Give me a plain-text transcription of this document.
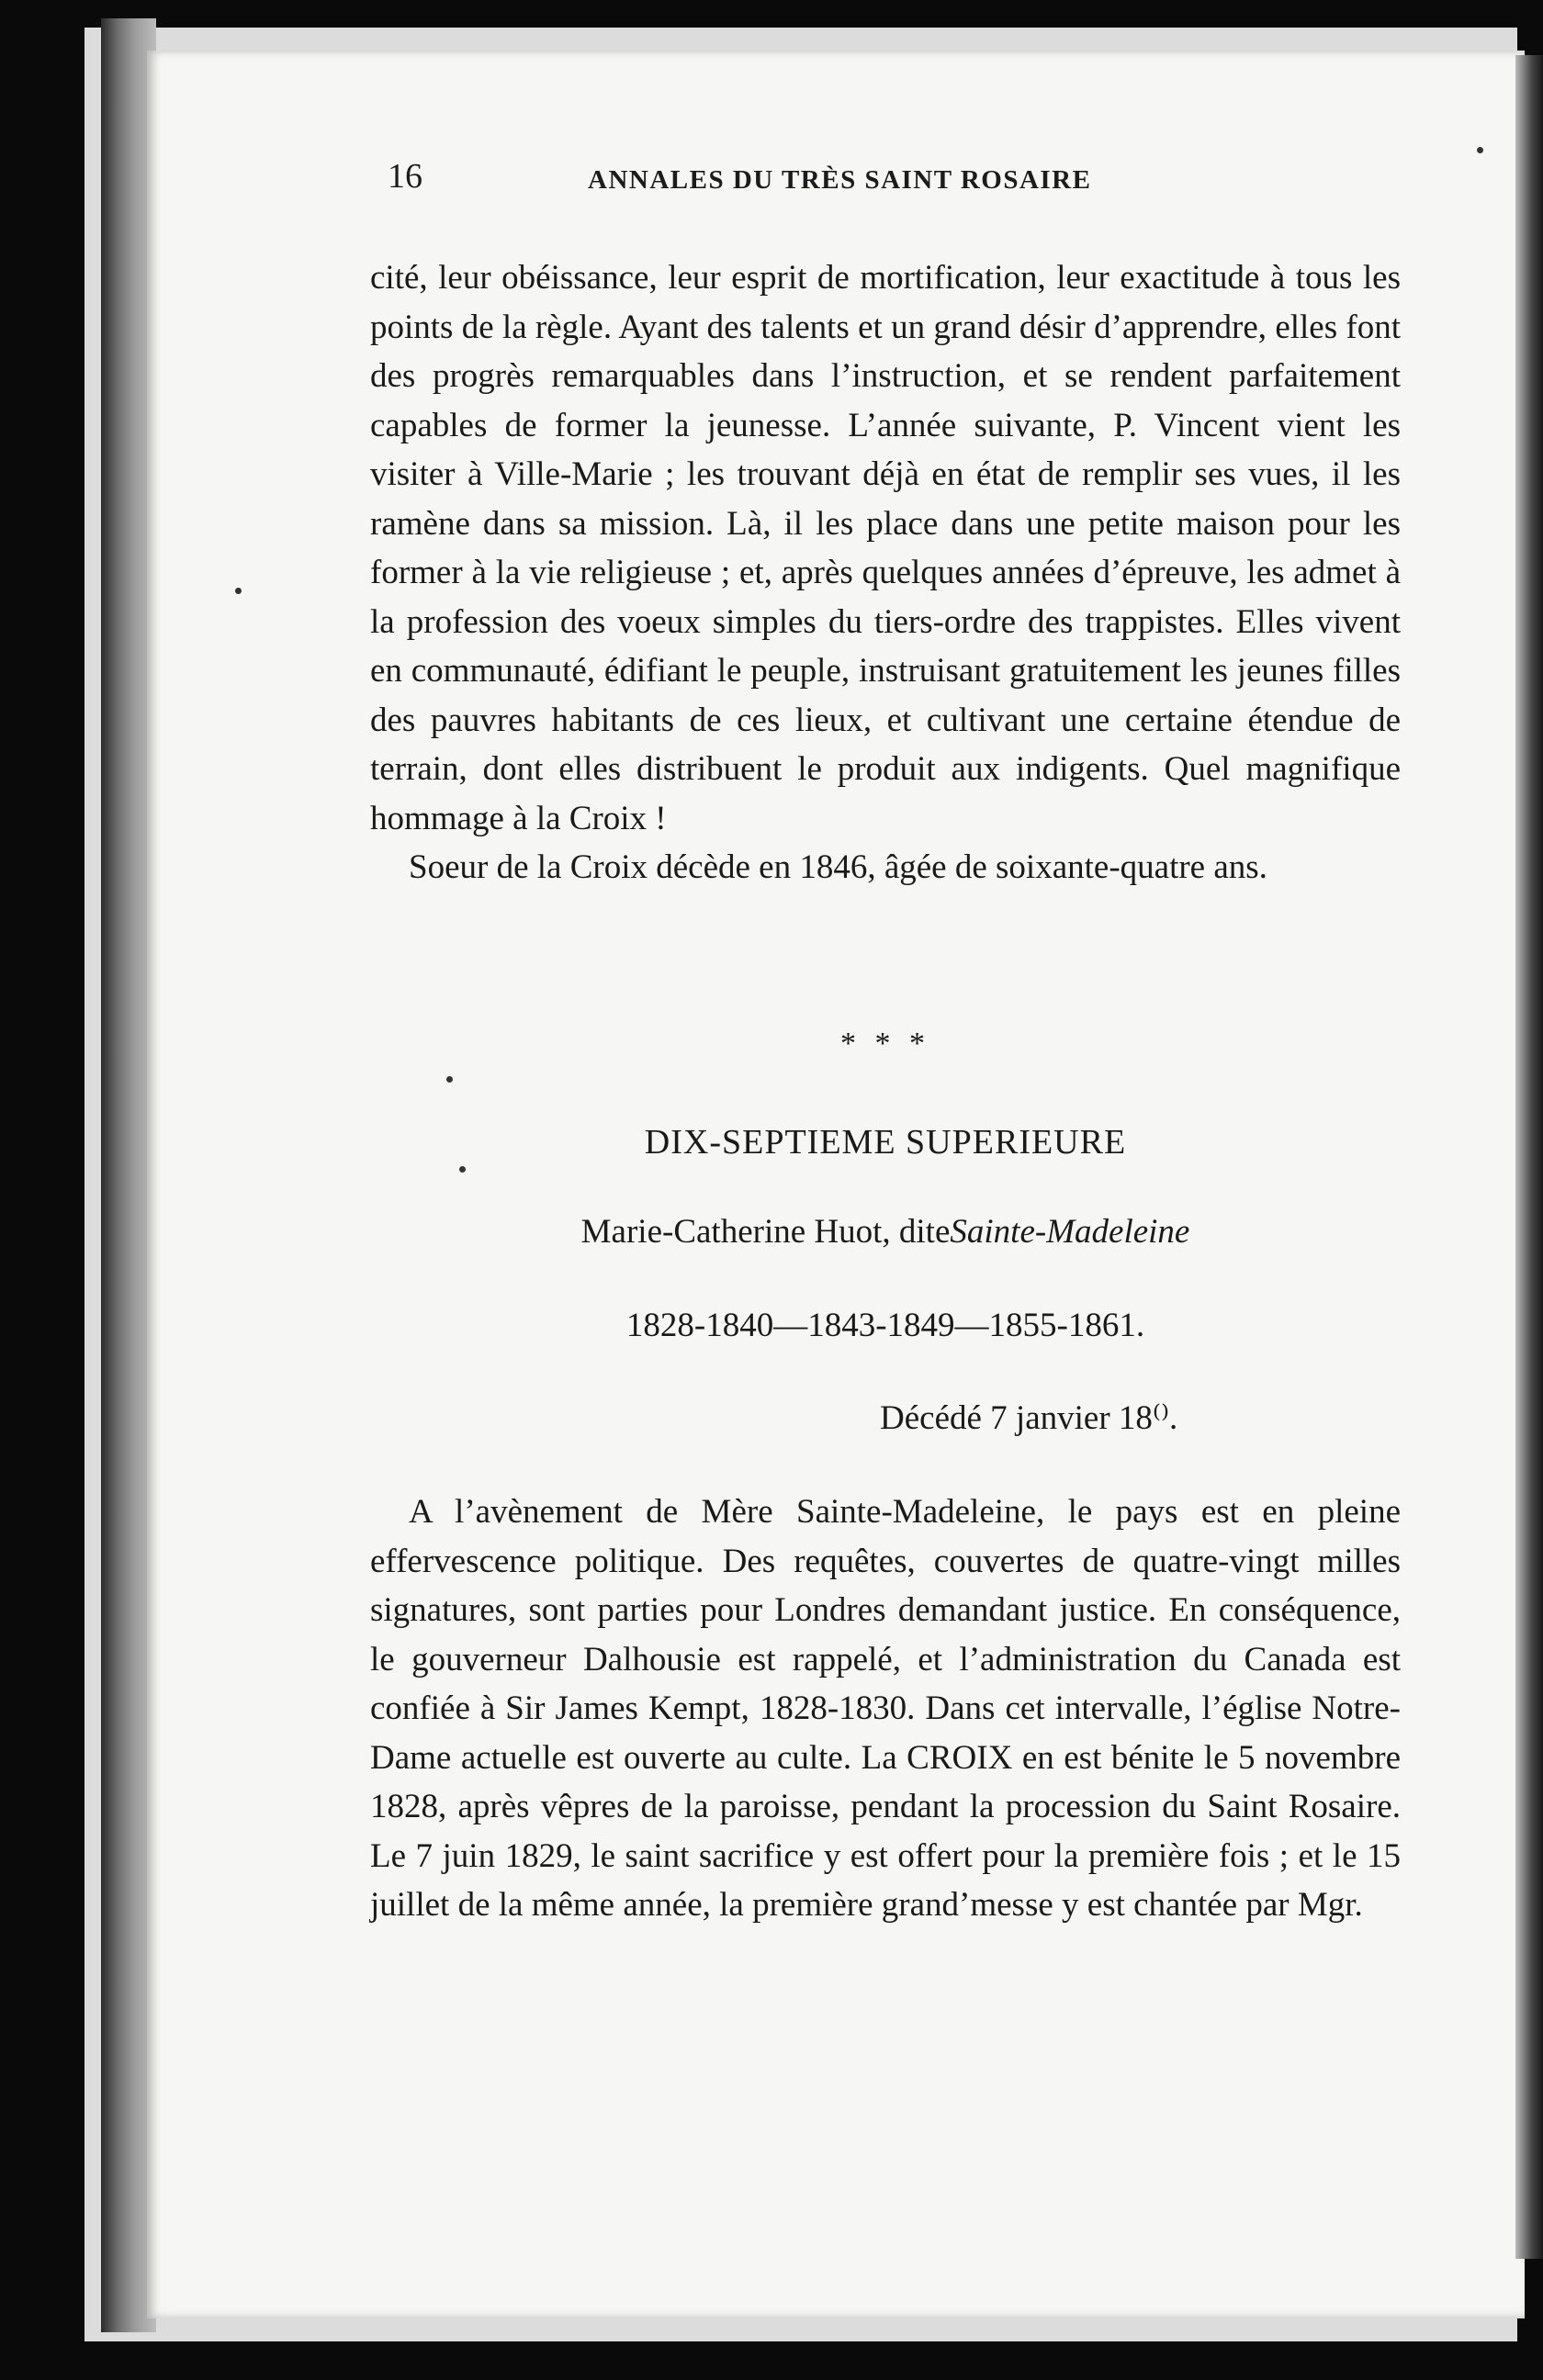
16	ANNALES DU TRÈS SAINT ROSAIRE

cité, leur obéissance, leur esprit de mortification, leur exactitude à tous les points de la règle. Ayant des talents et un grand désir d’apprendre, elles font des progrès remarquables dans l’instruction, et se rendent parfaitement capables de former la jeunesse. L’année suivante, P. Vincent vient les visiter à Ville-Marie ; les trouvant déjà en état de remplir ses vues, il les ramène dans sa mission. Là, il les place dans une petite maison pour les former à la vie religieuse ; et, après quelques années d’épreuve, les admet à la profession des voeux simples du tiers-ordre des trappistes. Elles vivent en communauté, édifiant le peuple, instruisant gratuitement les jeunes filles des pauvres habitants de ces lieux, et cultivant une certaine étendue de terrain, dont elles distribuent le produit aux indigents. Quel magnifique hommage à la Croix !

Soeur de la Croix décède en 1846, âgée de soixante-quatre ans.

* * *
DIX-SEPTIEME SUPERIEURE
Marie-Catherine Huot, diteSainte-Madeleine
1828-1840—1843-1849—1855-1861.
Décédé 7 janvier 18⁽⁾.

A l’avènement de Mère Sainte-Madeleine, le pays est en pleine effervescence politique. Des requêtes, couvertes de quatre-vingt milles signatures, sont parties pour Londres demandant justice. En conséquence, le gouverneur Dalhousie est rappelé, et l’administration du Canada est confiée à Sir James Kempt, 1828-1830. Dans cet intervalle, l’église Notre-Dame actuelle est ouverte au culte. La CROIX en est bénite le 5 novembre 1828, après vêpres de la paroisse, pendant la procession du Saint Rosaire. Le 7 juin 1829, le saint sacrifice y est offert pour la première fois ; et le 15 juillet de la même année, la première grand’messe y est chantée par Mgr.
